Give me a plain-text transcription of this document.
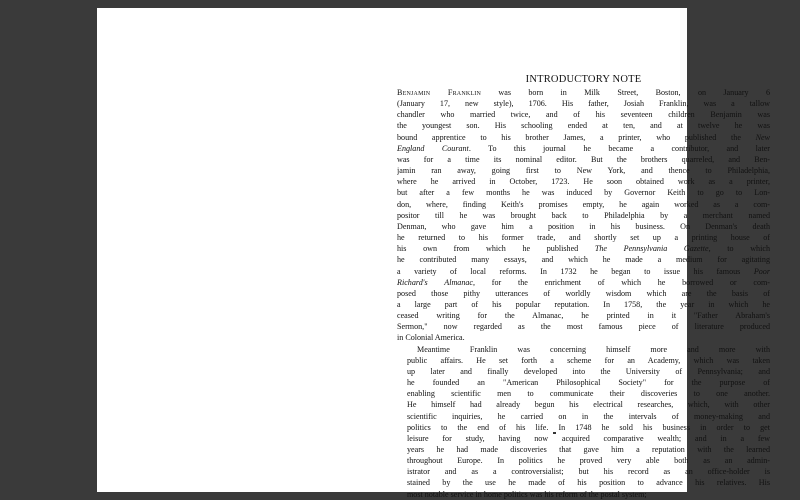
INTRODUCTORY NOTE
Benjamin Franklin was born in Milk Street, Boston, on January 6
(January 17, new style), 1706. His father, Josiah Franklin, was a tallow
chandler who married twice, and of his seventeen children Benjamin was
the youngest son. His schooling ended at ten, and at twelve he was
bound apprentice to his brother James, a printer, who published the New
England Courant. To this journal he became a contributor, and later
was for a time its nominal editor. But the brothers quarreled, and Ben-
jamin ran away, going first to New York, and thence to Philadelphia,
where he arrived in October, 1723. He soon obtained work as a printer,
but after a few months he was induced by Governor Keith to go to Lon-
don, where, finding Keith's promises empty, he again worked as a com-
positor till he was brought back to Philadelphia by a merchant named
Denman, who gave him a position in his business. On Denman's death
he returned to his former trade, and shortly set up a printing house of
his own from which he published The Pennsylvania Gazette, to which
he contributed many essays, and which he made a medium for agitating
a variety of local reforms. In 1732 he began to issue his famous Poor
Richard's Almanac, for the enrichment of which he borrowed or com-
posed those pithy utterances of worldly wisdom which are the basis of
a large part of his popular reputation. In 1758, the year in which he
ceased writing for the Almanac, he printed in it "Father Abraham's
Sermon," now regarded as the most famous piece of literature produced
in Colonial America.
Meantime Franklin was concerning himself more and more with
public affairs. He set forth a scheme for an Academy, which was taken
up later and finally developed into the University of Pennsylvania; and
he founded an "American Philosophical Society" for the purpose of
enabling scientific men to communicate their discoveries to one another.
He himself had already begun his electrical researches, which, with other
scientific inquiries, he carried on in the intervals of money-making and
politics to the end of his life. In 1748 he sold his business in order to get
leisure for study, having now acquired comparative wealth; and in a few
years he had made discoveries that gave him a reputation with the learned
throughout Europe. In politics he proved very able both as an admin-
istrator and as a controversialist; but his record as an office-holder is
stained by the use he made of his position to advance his relatives. His
most notable service in home politics was his reform of the postal system;
